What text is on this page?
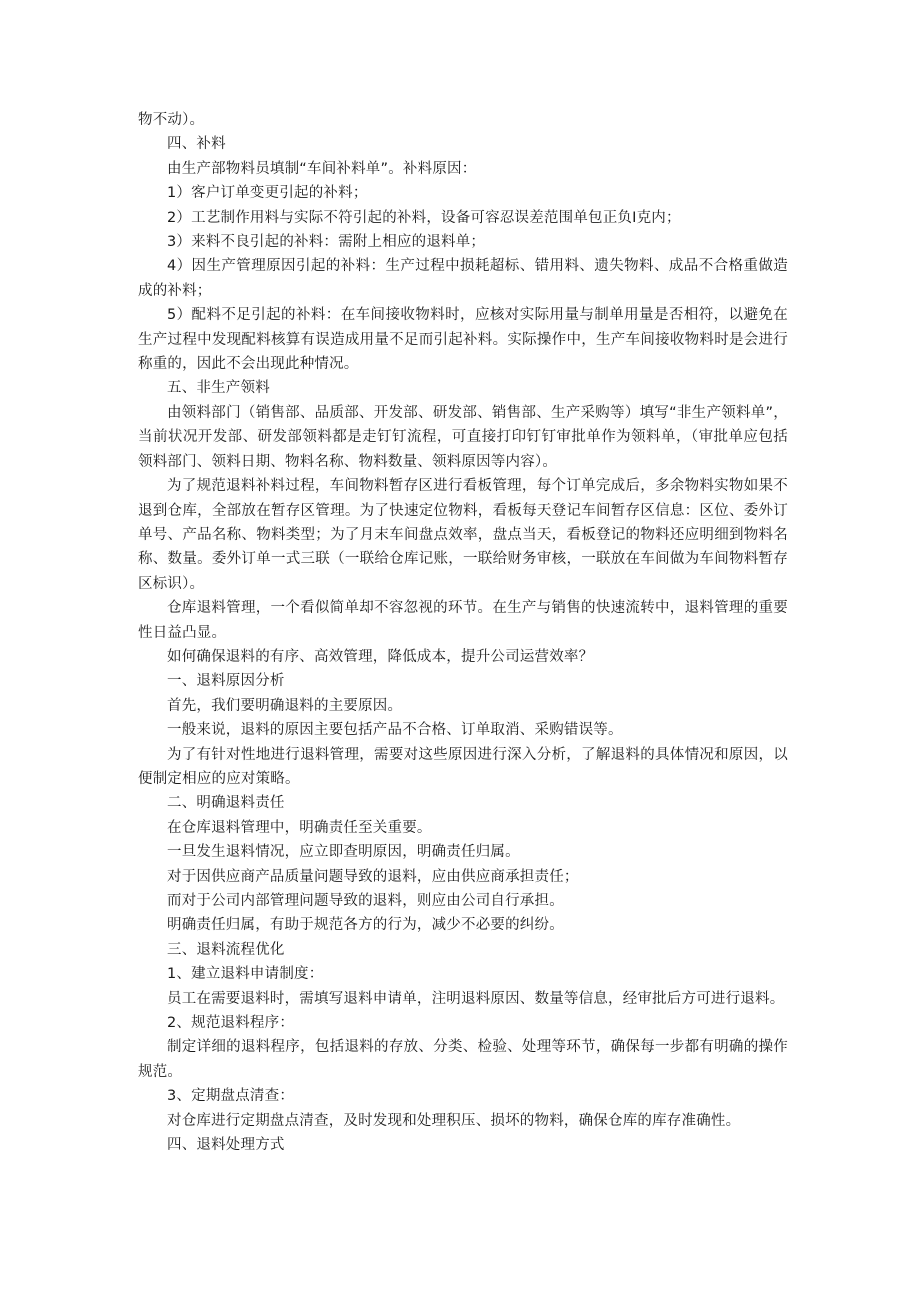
物不动）。

四、补料

由生产部物料员填制“车间补料单”。补料原因：

1）客户订单变更引起的补料；

2）工艺制作用料与实际不符引起的补料，设备可容忍误差范围单包正负I克内；

3）来料不良引起的补料：需附上相应的退料单；

4）因生产管理原因引起的补料：生产过程中损耗超标、错用料、遗失物料、成品不合格重做造成的补料；

5）配料不足引起的补料：在车间接收物料时，应核对实际用量与制单用量是否相符，以避免在生产过程中发现配料核算有误造成用量不足而引起补料。实际操作中，生产车间接收物料时是会进行称重的，因此不会出现此种情况。

五、非生产领料

由领料部门（销售部、品质部、开发部、研发部、销售部、生产采购等）填写“非生产领料单”，当前状况开发部、研发部领料都是走钉钉流程，可直接打印钉钉审批单作为领料单，（审批单应包括领料部门、领料日期、物料名称、物料数量、领料原因等内容）。

为了规范退料补料过程，车间物料暂存区进行看板管理，每个订单完成后，多余物料实物如果不退到仓库，全部放在暂存区管理。为了快速定位物料，看板每天登记车间暂存区信息：区位、委外订单号、产品名称、物料类型；为了月末车间盘点效率，盘点当天，看板登记的物料还应明细到物料名称、数量。委外订单一式三联（一联给仓库记账，一联给财务审核，一联放在车间做为车间物料暂存区标识）。

仓库退料管理，一个看似简单却不容忽视的环节。在生产与销售的快速流转中，退料管理的重要性日益凸显。

如何确保退料的有序、高效管理，降低成本，提升公司运营效率？

一、退料原因分析

首先，我们要明确退料的主要原因。

一般来说，退料的原因主要包括产品不合格、订单取消、采购错误等。

为了有针对性地进行退料管理，需要对这些原因进行深入分析，了解退料的具体情况和原因，以便制定相应的应对策略。

二、明确退料责任

在仓库退料管理中，明确责任至关重要。

一旦发生退料情况，应立即查明原因，明确责任归属。

对于因供应商产品质量问题导致的退料，应由供应商承担责任；

而对于公司内部管理问题导致的退料，则应由公司自行承担。

明确责任归属，有助于规范各方的行为，减少不必要的纠纷。

三、退料流程优化

1、建立退料申请制度：

员工在需要退料时，需填写退料申请单，注明退料原因、数量等信息，经审批后方可进行退料。

2、规范退料程序：

制定详细的退料程序，包括退料的存放、分类、检验、处理等环节，确保每一步都有明确的操作规范。

3、定期盘点清查：

对仓库进行定期盘点清查，及时发现和处理积压、损坏的物料，确保仓库的库存准确性。

四、退料处理方式
